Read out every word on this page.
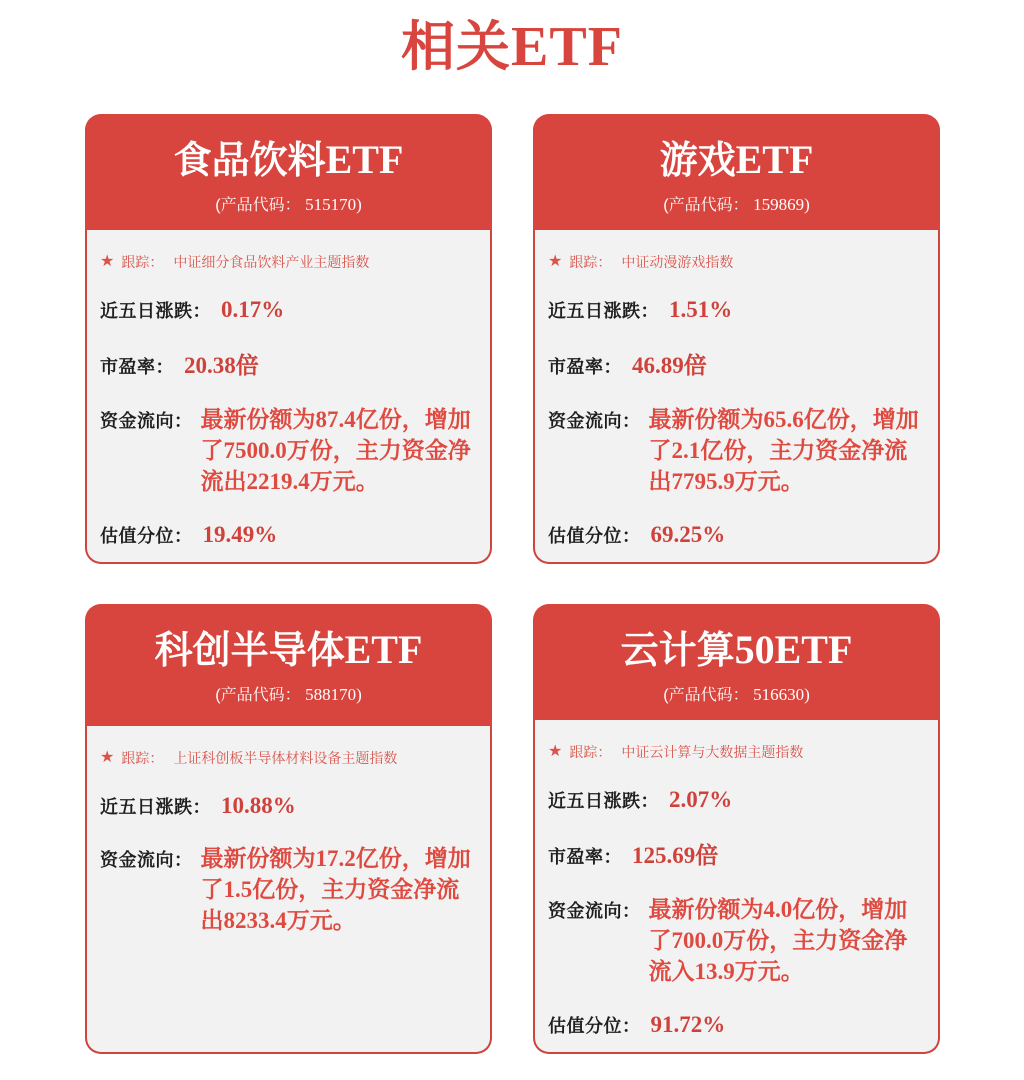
相关ETF
食品饮料ETF
(产品代码： 515170)
★ 跟踪： 中证细分食品饮料产业主题指数
近五日涨跌： 0.17%
市盈率： 20.38倍
资金流向： 最新份额为87.4亿份，增加了7500.0万份，主力资金净流出2219.4万元。
估值分位： 19.49%
游戏ETF
(产品代码： 159869)
★ 跟踪： 中证动漫游戏指数
近五日涨跌： 1.51%
市盈率： 46.89倍
资金流向： 最新份额为65.6亿份，增加了2.1亿份，主力资金净流出7795.9万元。
估值分位： 69.25%
科创半导体ETF
(产品代码： 588170)
★ 跟踪： 上证科创板半导体材料设备主题指数
近五日涨跌： 10.88%
资金流向： 最新份额为17.2亿份，增加了1.5亿份，主力资金净流出8233.4万元。
云计算50ETF
(产品代码： 516630)
★ 跟踪： 中证云计算与大数据主题指数
近五日涨跌： 2.07%
市盈率： 125.69倍
资金流向： 最新份额为4.0亿份，增加了700.0万份，主力资金净流入13.9万元。
估值分位： 91.72%
